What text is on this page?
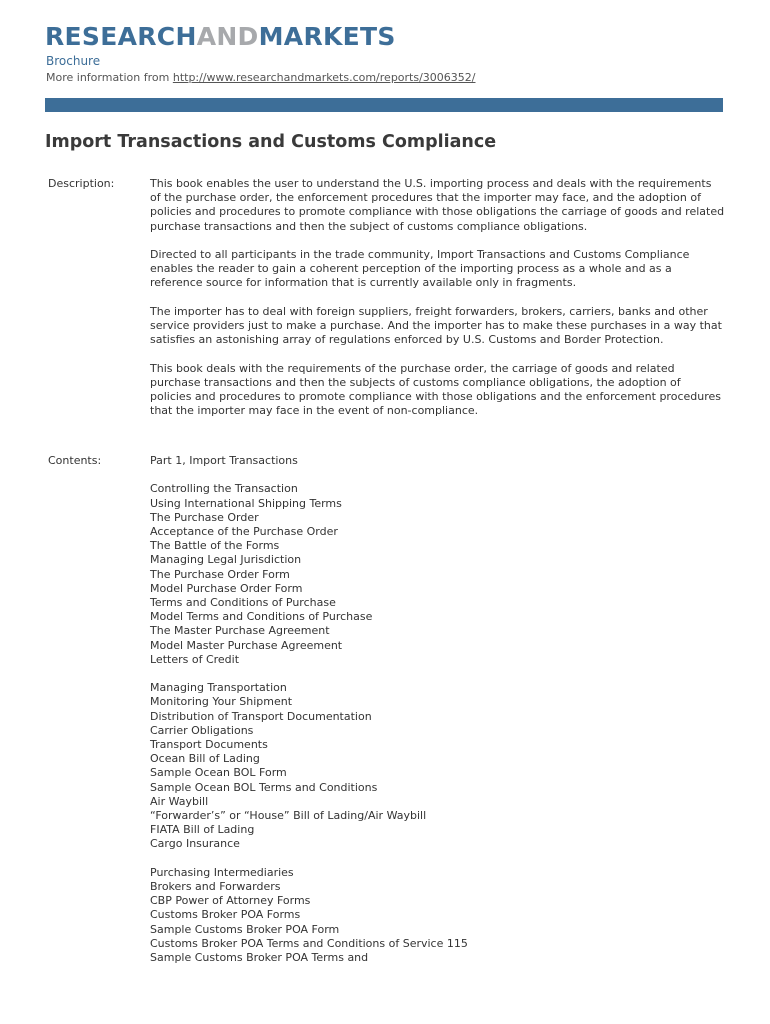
RESEARCHANDMARKETS
Brochure
More information from http://www.researchandmarkets.com/reports/3006352/
Import Transactions and Customs Compliance
Description:	This book enables the user to understand the U.S. importing process and deals with the requirements of the purchase order, the enforcement procedures that the importer may face, and the adoption of policies and procedures to promote compliance with those obligations the carriage of goods and related purchase transactions and then the subject of customs compliance obligations.

Directed to all participants in the trade community, Import Transactions and Customs Compliance enables the reader to gain a coherent perception of the importing process as a whole and as a reference source for information that is currently available only in fragments.

The importer has to deal with foreign suppliers, freight forwarders, brokers, carriers, banks and other service providers just to make a purchase. And the importer has to make these purchases in a way that satisfies an astonishing array of regulations enforced by U.S. Customs and Border Protection.

This book deals with the requirements of the purchase order, the carriage of goods and related purchase transactions and then the subjects of customs compliance obligations, the adoption of policies and procedures to promote compliance with those obligations and the enforcement procedures that the importer may face in the event of non-compliance.

Contents:	Part 1, Import Transactions
Controlling the Transaction
Using International Shipping Terms
The Purchase Order
Acceptance of the Purchase Order
The Battle of the Forms
Managing Legal Jurisdiction
The Purchase Order Form
Model Purchase Order Form
Terms and Conditions of Purchase
Model Terms and Conditions of Purchase
The Master Purchase Agreement
Model Master Purchase Agreement
Letters of Credit
Managing Transportation
Monitoring Your Shipment
Distribution of Transport Documentation
Carrier Obligations
Transport Documents
Ocean Bill of Lading
Sample Ocean BOL Form
Sample Ocean BOL Terms and Conditions
Air Waybill
“Forwarder’s” or “House” Bill of Lading/Air Waybill
FIATA Bill of Lading
Cargo Insurance
Purchasing Intermediaries
Brokers and Forwarders
CBP Power of Attorney Forms
Customs Broker POA Forms
Sample Customs Broker POA Form
Customs Broker POA Terms and Conditions of Service 115
Sample Customs Broker POA Terms and
